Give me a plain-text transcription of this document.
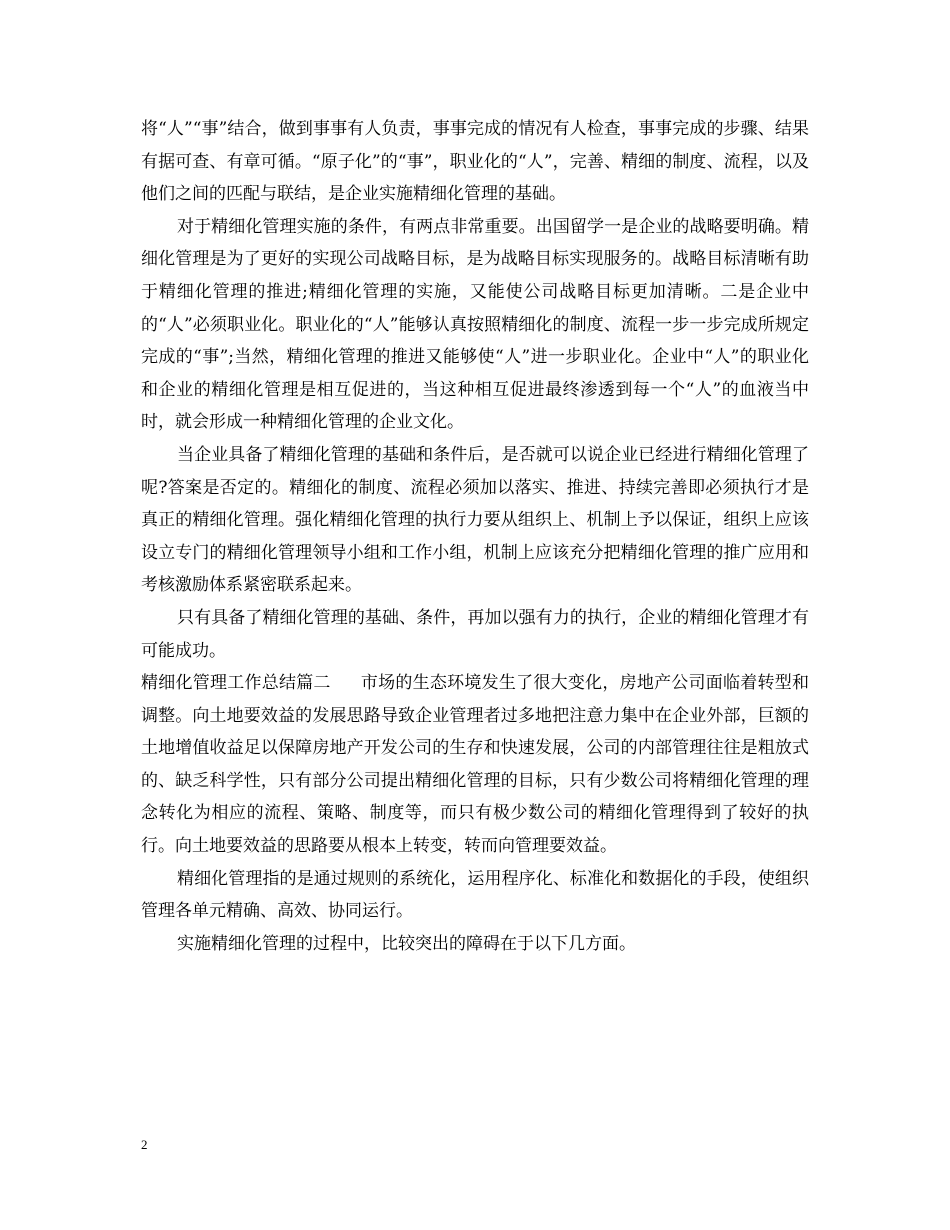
将“人”“事”结合，做到事事有人负责，事事完成的情况有人检查，事事完成的步骤、结果有据可查、有章可循。“原子化”的“事”，职业化的“人”，完善、精细的制度、流程，以及他们之间的匹配与联结，是企业实施精细化管理的基础。

对于精细化管理实施的条件，有两点非常重要。出国留学一是企业的战略要明确。精细化管理是为了更好的实现公司战略目标，是为战略目标实现服务的。战略目标清晰有助于精细化管理的推进;精细化管理的实施，又能使公司战略目标更加清晰。二是企业中的“人”必须职业化。职业化的“人”能够认真按照精细化的制度、流程一步一步完成所规定完成的“事”;当然，精细化管理的推进又能够使“人”进一步职业化。企业中“人”的职业化和企业的精细化管理是相互促进的，当这种相互促进最终渗透到每一个“人”的血液当中时，就会形成一种精细化管理的企业文化。

当企业具备了精细化管理的基础和条件后，是否就可以说企业已经进行精细化管理了呢?答案是否定的。精细化的制度、流程必须加以落实、推进、持续完善即必须执行才是真正的精细化管理。强化精细化管理的执行力要从组织上、机制上予以保证，组织上应该设立专门的精细化管理领导小组和工作小组，机制上应该充分把精细化管理的推广应用和考核激励体系紧密联系起来。

只有具备了精细化管理的基础、条件，再加以强有力的执行，企业的精细化管理才有可能成功。

精细化管理工作总结篇二 市场的生态环境发生了很大变化，房地产公司面临着转型和调整。向土地要效益的发展思路导致企业管理者过多地把注意力集中在企业外部，巨额的土地增值收益足以保障房地产开发公司的生存和快速发展，公司的内部管理往往是粗放式的、缺乏科学性，只有部分公司提出精细化管理的目标，只有少数公司将精细化管理的理念转化为相应的流程、策略、制度等，而只有极少数公司的精细化管理得到了较好的执行。向土地要效益的思路要从根本上转变，转而向管理要效益。

精细化管理指的是通过规则的系统化，运用程序化、标准化和数据化的手段，使组织管理各单元精确、高效、协同运行。

实施精细化管理的过程中，比较突出的障碍在于以下几方面。

2
